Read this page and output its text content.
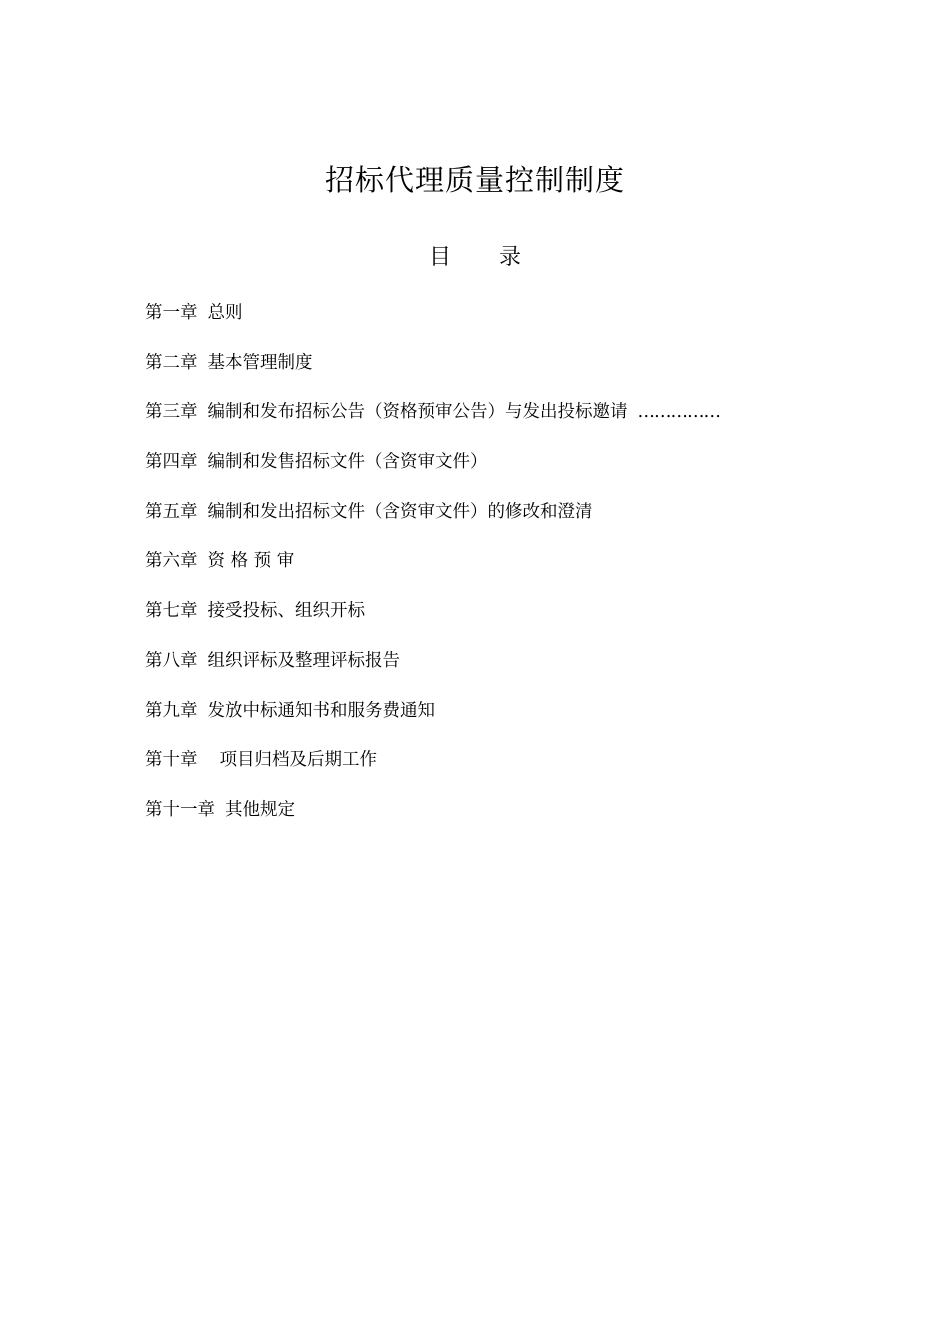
招标代理质量控制制度
目 录
第一章 总则
第二章 基本管理制度
第三章 编制和发布招标公告（资格预审公告）与发出投标邀请 ……………
第四章 编制和发售招标文件（含资审文件）
第五章 编制和发出招标文件（含资审文件）的修改和澄清
第六章 资 格 预 审
第七章 接受投标、组织开标
第八章 组织评标及整理评标报告
第九章 发放中标通知书和服务费通知
第十章 项目归档及后期工作
第十一章 其他规定
